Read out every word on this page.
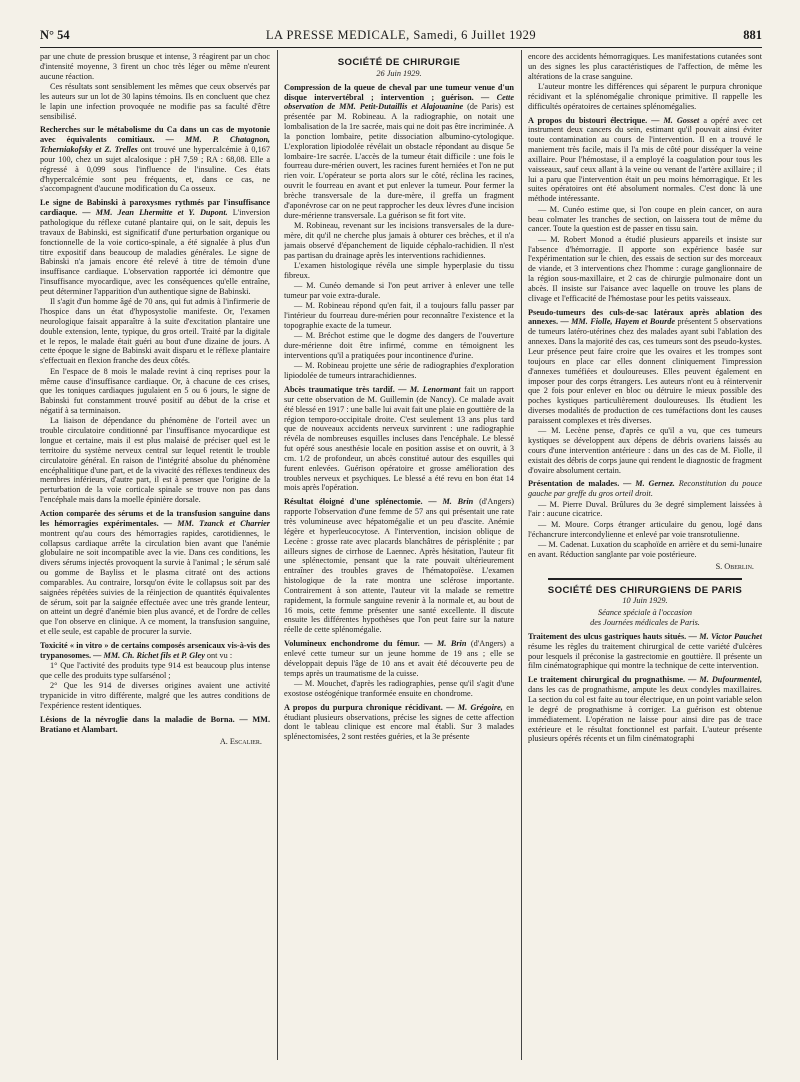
N° 54	LA PRESSE MEDICALE, Samedi, 6 Juillet 1929	881

par une chute de pression brusque et intense, 3 réagirent par un choc d'intensité moyenne, 3 firent un choc très léger ou même n'eurent aucune réaction.

Ces résultats sont sensiblement les mêmes que ceux observés par les auteurs sur un lot de 30 lapins témoins. Ils en concluent que chez le lapin une infection provoquée ne modifie pas sa faculté d'être sensibilisé.

Recherches sur le métabolisme du Ca dans un cas de myotonie avec équivalents comitiaux. — MM. P. Chatagnon, Tcherniakofsky et Z. Trelles ont trouvé une hypercalcémie à 0,167 pour 100, chez un sujet alcalosique : pH 7,59 ; RA : 68,08. Elle a régressé à 0,099 sous l'influence de l'insuline. Ces états d'hypercalcémie sont peu fréquents, et, dans ce cas, ne s'accompagnent d'aucune modification du Ca osseux.

Le signe de Babinski à paroxysmes rythmés par l'insuffisance cardiaque. — MM. Jean Lhermitte et Y. Dupont. L'inversion pathologique du réflexe cutané plantaire qui, on le sait, depuis les travaux de Babinski, est significatif d'une perturbation organique ou fonctionnelle de la voie cortico-spinale, a été signalée à plus d'un titre expositif dans beaucoup de maladies générales. Le signe de Babinski n'a jamais encore été relevé à titre de témoin d'une insuffisance cardiaque. L'observation rapportée ici démontre que l'insuffisance myocardique, avec les conséquences qu'elle entraîne, peut déterminer l'apparition d'un authentique signe de Babinski.

Il s'agit d'un homme âgé de 70 ans, qui fut admis à l'infirmerie de l'hospice dans un état d'hyposystolie manifeste. Or, l'examen neurologique faisait apparaître à la suite d'excitation plantaire une double extension, lente, typique, du gros orteil. Traité par la digitale et le repos, le malade était guéri au bout d'une dizaine de jours. A cette époque le signe de Babinski avait disparu et le réflexe plantaire s'effectuait en flexion franche des deux côtés.

En l'espace de 8 mois le malade revint à cinq reprises pour la même cause d'insuffisance cardiaque. Or, à chacune de ces crises, que les toniques cardiaques jugulaient en 5 ou 6 jours, le signe de Babinski fut constamment trouvé positif au début de la crise et négatif à sa terminaison.

La liaison de dépendance du phénomène de l'orteil avec un trouble circulatoire conditionné par l'insuffisance myocardique est longue et certaine, mais il est plus malaisé de préciser quel est le territoire du système nerveux central sur lequel retentit le trouble circulatoire général. En raison de l'intégrité absolue du phénomène encéphalitique d'une part, et de la vivacité des réflexes tendineux des membres inférieurs, d'autre part, il est à penser que l'origine de la perturbation de la voie corticale spinale se trouve non pas dans l'encéphale mais dans la moelle épinière dorsale.

Action comparée des sérums et de la transfusion sanguine dans les hémorragies expérimentales. — MM. Tzanck et Charrier montrent qu'au cours des hémorragies rapides, carotidiennes, le collapsus cardiaque arrête la circulation bien avant que l'anémie globulaire ne soit incompatible avec la vie. Dans ces conditions, les divers sérums injectés provoquent la survie à l'animal ; le sérum salé ou gomme de Bayliss et le plasma citraté ont des actions comparables. Au contraire, lorsqu'on évite le collapsus soit par des saignées répétées suivies de la réinjection de quantités équivalentes de sérum, soit par la saignée effectuée avec une très grande lenteur, on atteint un degré d'anémie bien plus avancé, et de l'ordre de celles que l'on observe en clinique. A ce moment, la transfusion sanguine, et elle seule, est capable de procurer la survie.

Toxicité « in vitro » de certains composés arsenicaux vis-à-vis des trypanosomes. — MM. Ch. Richet fils et P. Gley ont vu :

1° Que l'activité des produits type 914 est beaucoup plus intense que celle des produits type sulfarsénol ;

2° Que les 914 de diverses origines avaient une activité trypanicide in vitro différente, malgré que les autres conditions de l'expérience restent identiques.

Lésions de la névroglie dans la maladie de Borna. — MM. Bratiano et Alambart.

A. Escalier.

SOCIÉTÉ DE CHIRURGIE
26 Juin 1929.

Compression de la queue de cheval par une tumeur venue d'un disque intervertébral ; intervention ; guérison. — Cette observation de MM. Petit-Dutaillis et Alajouanine (de Paris) est présentée par M. Robineau. A la radiographie, on notait une lombalisation de la 1re sacrée, mais qui ne doit pas être incriminée. A la ponction lombaire, petite dissociation albumino-cytologique. L'exploration lipiodolée révélait un obstacle répondant au disque 5e lombaire-1re sacrée. L'accès de la tumeur était difficile : une fois le fourreau dure-mérien ouvert, les racines furent herniées et l'on ne put rien voir. L'opérateur se porta alors sur le côté, réclina les racines, ouvrit le fourreau en avant et put enlever la tumeur. Pour fermer la brèche transversale de la dure-mère, il greffa un fragment d'aponévrose car on ne peut rapprocher les deux lèvres d'une incision dure-mérienne transversale. La guérison se fit fort vite.

M. Robineau, revenant sur les incisions transversales de la dure-mère, dit qu'il ne cherche plus jamais à obturer ces brèches, et il n'a jamais observé d'épanchement de liquide céphalo-rachidien. Il n'est pas partisan du drainage après les interventions rachidiennes.

L'examen histologique révéla une simple hyperplasie du tissu fibreux.

— M. Cunéo demande si l'on peut arriver à enlever une telle tumeur par voie extra-durale.

— M. Robineau répond qu'en fait, il a toujours fallu passer par l'intérieur du fourreau dure-mérien pour reconnaître l'existence et la topographie exacte de la tumeur.

— M. Bréchot estime que le dogme des dangers de l'ouverture dure-mérienne doit être infirmé, comme en témoignent les interventions qu'il a pratiquées pour incontinence d'urine.

— M. Robineau projette une série de radiographies d'exploration lipiodolée de tumeurs intrarachidiennes.

Abcès traumatique très tardif. — M. Lenormant fait un rapport sur cette observation de M. Guillemin (de Nancy). Ce malade avait été blessé en 1917 : une balle lui avait fait une plaie en gouttière de la région temporo-occipitale droite. C'est seulement 13 ans plus tard que de nouveaux accidents nerveux survinrent : une radiographie révéla de nombreuses esquilles incluses dans l'encéphale. Le blessé fut opéré sous anesthésie locale en position assise et on ouvrit, à 3 cm. 1/2 de profondeur, un abcès constitué autour des esquilles qui furent enlevées. Guérison opératoire et grosse amélioration des troubles nerveux et psychiques. Le blessé a été revu en bon état 14 mois après l'opération.

Résultat éloigné d'une splénectomie. — M. Brin (d'Angers) rapporte l'observation d'une femme de 57 ans qui présentait une rate très volumineuse avec hépatomégalie et un peu d'ascite. Anémie légère et hyperleucocytose. A l'intervention, incision oblique de Lecène : grosse rate avec placards blanchâtres de périsplénite ; par ailleurs signes de cirrhose de Laennec. Après hésitation, l'auteur fit une splénectomie, pensant que la rate pouvait ultérieurement entraîner des troubles graves de l'hématopoïèse. L'examen histologique de la rate montra une sclérose importante. Contrairement à son attente, l'auteur vit la malade se remettre rapidement, la formule sanguine revenir à la normale et, au bout de 16 mois, cette femme présenter une santé excellente. Il discute ensuite les différentes hypothèses que l'on peut faire sur la nature réelle de cette splénomégalie.

Volumineux enchondrome du fémur. — M. Brin (d'Angers) a enlevé cette tumeur sur un jeune homme de 19 ans ; elle se développait depuis l'âge de 10 ans et avait été découverte peu de temps après un traumatisme de la cuisse.

— M. Mouchet, d'après les radiographies, pense qu'il s'agit d'une exostose ostéogénique tranformée ensuite en chondrome.

A propos du purpura chronique récidivant. — M. Grégoire, en étudiant plusieurs observations, précise les signes de cette affection dont le tableau clinique est encore mal établi. Sur 3 malades splénectomisées, 2 sont restées guéries, et la 3e présente

encore des accidents hémorragiques. Les manifestations cutanées sont un des signes les plus caractéristiques de l'affection, de même les altérations de la crase sanguine.

L'auteur montre les différences qui séparent le purpura chronique récidivant et la splénomégalie chronique primitive. Il rappelle les difficultés opératoires de certaines splénomégalies.

A propos du bistouri électrique. — M. Gosset a opéré avec cet instrument deux cancers du sein, estimant qu'il pouvait ainsi éviter toute contamination au cours de l'intervention. Il en a trouvé le maniement très facile, mais il l'a mis de côté pour disséquer la veine axillaire. Pour l'hémostase, il a employé la coagulation pour tous les vaisseaux, sauf ceux allant à la veine ou venant de l'artère axillaire ; il lui a paru que l'intervention était un peu moins hémorragique. Et les suites opératoires ont été absolument normales. C'est donc là une méthode intéressante.

— M. Cunéo estime que, si l'on coupe en plein cancer, on aura beau colmater les tranches de section, on laissera tout de même du cancer. Toute la question est de passer en tissu sain.

— M. Robert Monod a étudié plusieurs appareils et insiste sur l'absence d'hémorragie. Il apporte son expérience basée sur l'expérimentation sur le chien, des essais de section sur des morceaux de viande, et 3 interventions chez l'homme : curage ganglionnaire de la région sous-maxillaire, et 2 cas de chirurgie pulmonaire dont un abcès. Il insiste sur l'aisance avec laquelle on trouve les plans de clivage et l'efficacité de l'hémostase pour les petits vaisseaux.

Pseudo-tumeurs des culs-de-sac latéraux après ablation des annexes. — MM. Fiolle, Hayem et Bourde présentent 5 observations de tumeurs latéro-utérines chez des malades ayant subi l'ablation des annexes. Dans la majorité des cas, ces tumeurs sont des pseudo-kystes. Leur présence peut faire croire que les ovaires et les trompes sont toujours en place car elles donnent cliniquement l'impression d'annexes tuméfiées et douloureuses. Elles peuvent également en imposer pour des corps étrangers. Les auteurs n'ont eu à réintervenir que 2 fois pour enlever en bloc ou détruire le mieux possible des poches kystiques particulièrement douloureuses. Ils étudient les diverses modalités de production de ces tuméfactions dont les causes paraissent complexes et très diverses.

— M. Lecène pense, d'après ce qu'il a vu, que ces tumeurs kystiques se développent aux dépens de débris ovariens laissés au cours d'une intervention antérieure : dans un des cas de M. Fiolle, il existait des débris de corps jaune qui rendent le diagnostic de fragment d'ovaire absolument certain.

Présentation de malades. — M. Gernez. Reconstitution du pouce gauche par greffe du gros orteil droit.

— M. Pierre Duval. Brûlures du 3e degré simplement laissées à l'air : aucune cicatrice.

— M. Moure. Corps étranger articulaire du genou, logé dans l'échancrure intercondylienne et enlevé par voie transrotulienne.

— M. Cadenat. Luxation du scaphoïde en arrière et du semi-lunaire en avant. Réduction sanglante par voie postérieure.

S. Oberlin.

SOCIÉTÉ DES CHIRURGIENS DE PARIS
10 Juin 1929.
Séance spéciale à l'occasion
des Journées médicales de Paris.

Traitement des ulcus gastriques hauts situés. — M. Victor Pauchet résume les règles du traitement chirurgical de cette variété d'ulcères pour lesquels il préconise la gastrectomie en gouttière. Il présente un film cinématographique qui montre la technique de cette intervention.

Le traitement chirurgical du prognathisme. — M. Dufourmentel, dans les cas de prognathisme, ampute les deux condyles maxillaires. La section du col est faite au tour électrique, en un point variable selon le degré de prognathisme à corriger. La guérison est obtenue immédiatement. L'opération ne laisse pour ainsi dire pas de trace extérieure et le résultat fonctionnel est parfait. L'auteur présente plusieurs opérés récents et un film cinématographi
